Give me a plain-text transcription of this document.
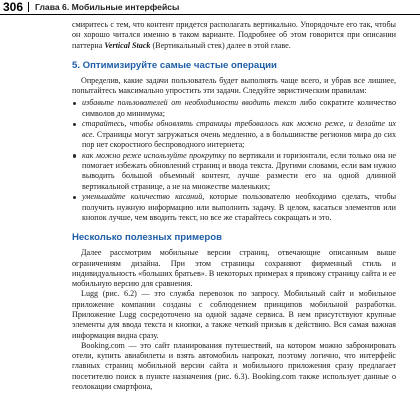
306 Глава 6. Мобильные интерфейсы

смиритесь с тем, что контент придется располагать вертикально. Упорядочьте его так, чтобы он хорошо читался именно в таком варианте. Подробнее об этом говорится при описании паттерна Vertical Stack (Вертикальный стек) далее в этой главе.

5. Оптимизируйте самые частые операции

Определив, какие задачи пользователь будет выполнять чаще всего, и убрав все лишнее, попытайтесь максимально упростить эти задачи. Следуйте эвристическим правилам:

избавьте пользователей от необходимости вводить текст либо сократите количество символов до минимума;
старайтесь, чтобы обновлять страницы требовалось как можно реже, и делайте их все. Страницы могут загружаться очень медленно, а в большинстве регионов мира до сих пор нет скоростного беспроводного интернета;
как можно реже используйте прокрутку по вертикали и горизонтали, если только она не помогает избежать обновлений страниц и ввода текста. Другими словами, если вам нужно выводить большой объемный контент, лучше размести его на одной длинной вертикальной странице, а не на множестве маленьких;
уменьшайте количество касаний, которые пользователю необходимо сделать, чтобы получить нужную информацию или выполнить задачу. В целом, касаться элементов или кнопок лучше, чем вводить текст, но все же старайтесь сокращать и это.
Несколько полезных примеров

Далее рассмотрим мобильные версии страниц, отвечающие описанным выше ограничениям дизайна. При этом страницы сохраняют фирменный стиль и индивидуальность «больших братьев». В некоторых примерах я привожу страницу сайта и ее мобильную версию для сравнения.

Lugg (рис. 6.2) — это служба перевозок по запросу. Мобильный сайт и мобильное приложение компании созданы с соблюдением принципов мобильной разработки. Приложение Lugg сосредоточено на одной задаче сервиса. В нем присутствуют крупные элементы для ввода текста и кнопки, а также четкий призыв к действию. Вся самая важная информация видна сразу.

Booking.com — это сайт планирования путешествий, на котором можно забронировать отели, купить авиабилеты и взять автомобиль напрокат, поэтому логично, что интерфейс главных страниц мобильной версии сайта и мобильного приложения сразу предлагает посетителю поиск в пункте назначения (рис. 6.3). Booking.com также использует данные о геолокации смартфона,
